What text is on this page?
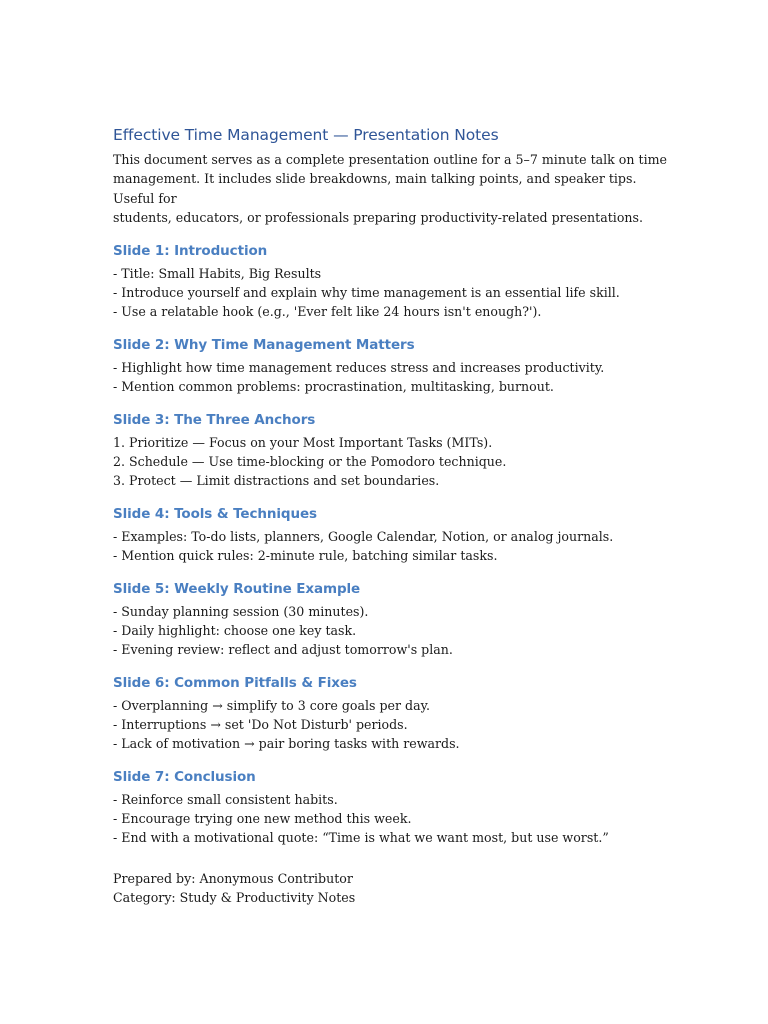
Effective Time Management — Presentation Notes

This document serves as a complete presentation outline for a 5–7 minute talk on time
management. It includes slide breakdowns, main talking points, and speaker tips. Useful for
students, educators, or professionals preparing productivity-related presentations.

Slide 1: Introduction

- Title: Small Habits, Big Results

- Introduce yourself and explain why time management is an essential life skill.

- Use a relatable hook (e.g., 'Ever felt like 24 hours isn't enough?').

Slide 2: Why Time Management Matters

- Highlight how time management reduces stress and increases productivity.

- Mention common problems: procrastination, multitasking, burnout.

Slide 3: The Three Anchors

1. Prioritize — Focus on your Most Important Tasks (MITs).

2. Schedule — Use time-blocking or the Pomodoro technique.

3. Protect — Limit distractions and set boundaries.

Slide 4: Tools & Techniques

- Examples: To-do lists, planners, Google Calendar, Notion, or analog journals.

- Mention quick rules: 2-minute rule, batching similar tasks.

Slide 5: Weekly Routine Example

- Sunday planning session (30 minutes).

- Daily highlight: choose one key task.

- Evening review: reflect and adjust tomorrow's plan.

Slide 6: Common Pitfalls & Fixes

- Overplanning → simplify to 3 core goals per day.

- Interruptions → set 'Do Not Disturb' periods.

- Lack of motivation → pair boring tasks with rewards.

Slide 7: Conclusion

- Reinforce small consistent habits.

- Encourage trying one new method this week.

- End with a motivational quote: “Time is what we want most, but use worst.”

Prepared by: Anonymous Contributor

Category: Study & Productivity Notes
